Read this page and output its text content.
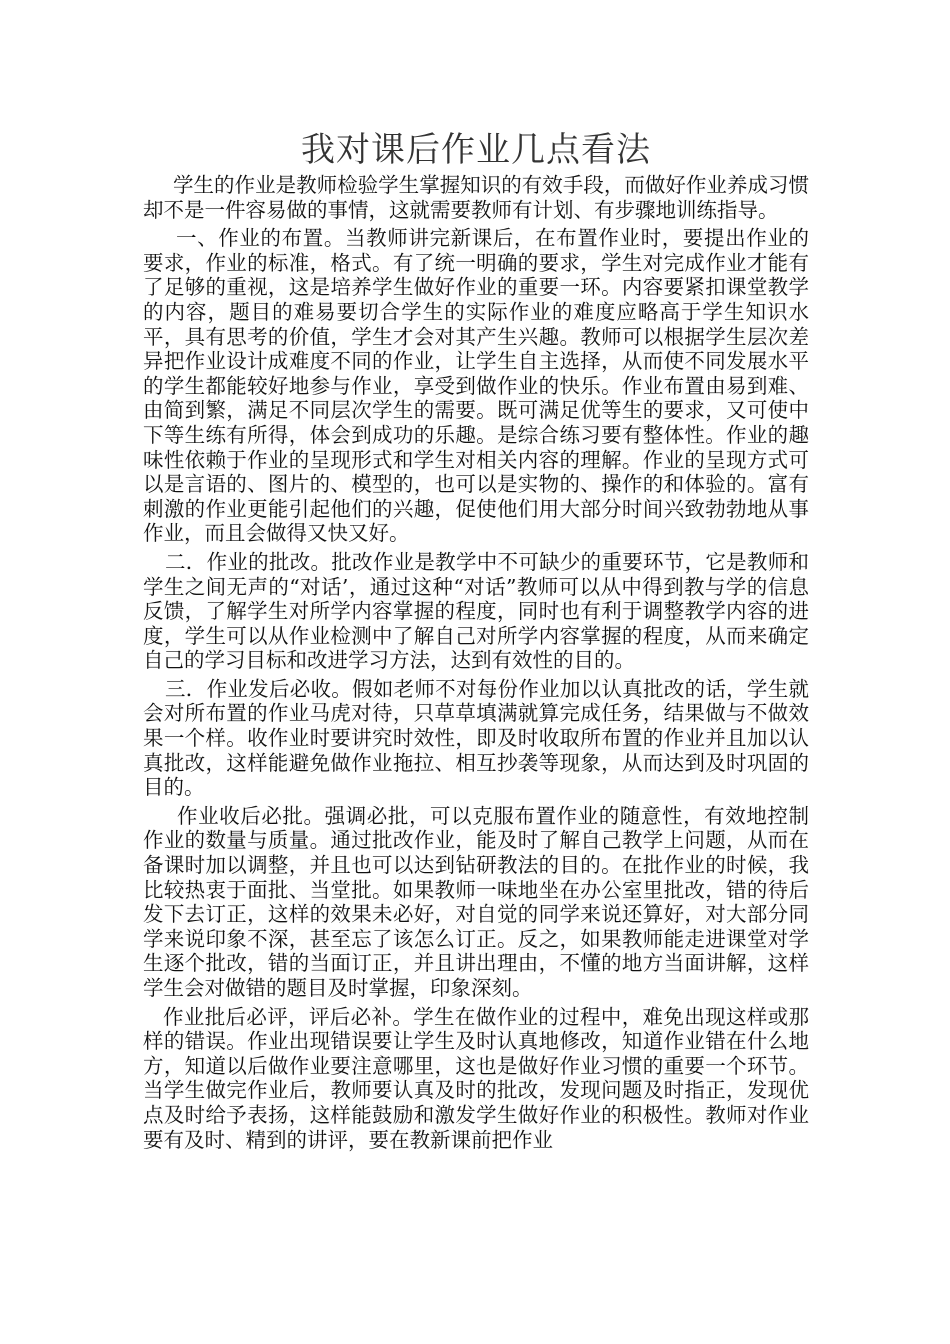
我对课后作业几点看法

学生的作业是教师检验学生掌握知识的有效手段，而做好作业养成习惯却不是一件容易做的事情，这就需要教师有计划、有步骤地训练指导。

一、作业的布置。当教师讲完新课后，在布置作业时，要提出作业的要求，作业的标准，格式。有了统一明确的要求，学生对完成作业才能有了足够的重视，这是培养学生做好作业的重要一环。内容要紧扣课堂教学的内容，题目的难易要切合学生的实际作业的难度应略高于学生知识水平，具有思考的价值，学生才会对其产生兴趣。教师可以根据学生层次差异把作业设计成难度不同的作业，让学生自主选择，从而使不同发展水平的学生都能较好地参与作业，享受到做作业的快乐。作业布置由易到难、由简到繁，满足不同层次学生的需要。既可满足优等生的要求，又可使中下等生练有所得，体会到成功的乐趣。是综合练习要有整体性。作业的趣味性依赖于作业的呈现形式和学生对相关内容的理解。作业的呈现方式可以是言语的、图片的、模型的，也可以是实物的、操作的和体验的。富有刺激的作业更能引起他们的兴趣，促使他们用大部分时间兴致勃勃地从事作业，而且会做得又快又好。

二．作业的批改。批改作业是教学中不可缺少的重要环节，它是教师和学生之间无声的“对话’，通过这种“对话”教师可以从中得到教与学的信息反馈，了解学生对所学内容掌握的程度，同时也有利于调整教学内容的进度，学生可以从作业检测中了解自己对所学内容掌握的程度，从而来确定自己的学习目标和改进学习方法，达到有效性的目的。

三．作业发后必收。假如老师不对每份作业加以认真批改的话，学生就会对所布置的作业马虎对待，只草草填满就算完成任务，结果做与不做效果一个样。收作业时要讲究时效性，即及时收取所布置的作业并且加以认真批改，这样能避免做作业拖拉、相互抄袭等现象，从而达到及时巩固的目的。

作业收后必批。强调必批，可以克服布置作业的随意性，有效地控制作业的数量与质量。通过批改作业，能及时了解自己教学上问题，从而在备课时加以调整，并且也可以达到钻研教法的目的。在批作业的时候，我比较热衷于面批、当堂批。如果教师一味地坐在办公室里批改，错的待后发下去订正，这样的效果未必好，对自觉的同学来说还算好，对大部分同学来说印象不深，甚至忘了该怎么订正。反之，如果教师能走进课堂对学生逐个批改，错的当面订正，并且讲出理由，不懂的地方当面讲解，这样学生会对做错的题目及时掌握，印象深刻。

作业批后必评，评后必补。学生在做作业的过程中，难免出现这样或那样的错误。作业出现错误要让学生及时认真地修改，知道作业错在什么地方，知道以后做作业要注意哪里，这也是做好作业习惯的重要一个环节。当学生做完作业后，教师要认真及时的批改，发现问题及时指正，发现优点及时给予表扬，这样能鼓励和激发学生做好作业的积极性。教师对作业要有及时、精到的讲评，要在教新课前把作业
